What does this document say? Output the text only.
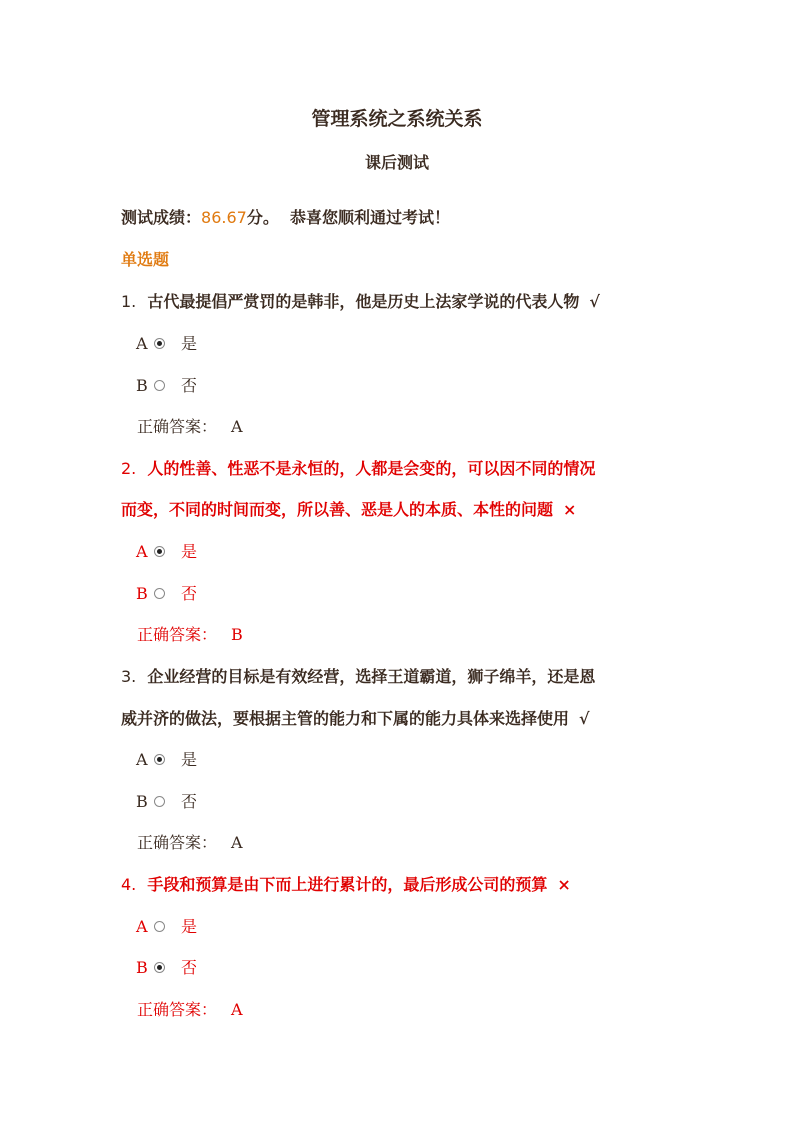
管理系统之系统关系
课后测试
测试成绩：86.67分。 恭喜您顺利通过考试！
单选题
1. 古代最提倡严赏罚的是韩非，他是历史上法家学说的代表人物 √
A 是
B 否
正确答案： A
2. 人的性善、性恶不是永恒的，人都是会变的，可以因不同的情况
而变，不同的时间而变，所以善、恶是人的本质、本性的问题 ×
A 是
B 否
正确答案： B
3. 企业经营的目标是有效经营，选择王道霸道，狮子绵羊，还是恩
威并济的做法，要根据主管的能力和下属的能力具体来选择使用 √
A 是
B 否
正确答案： A
4. 手段和预算是由下而上进行累计的，最后形成公司的预算 ×
A 是
B 否
正确答案： A
